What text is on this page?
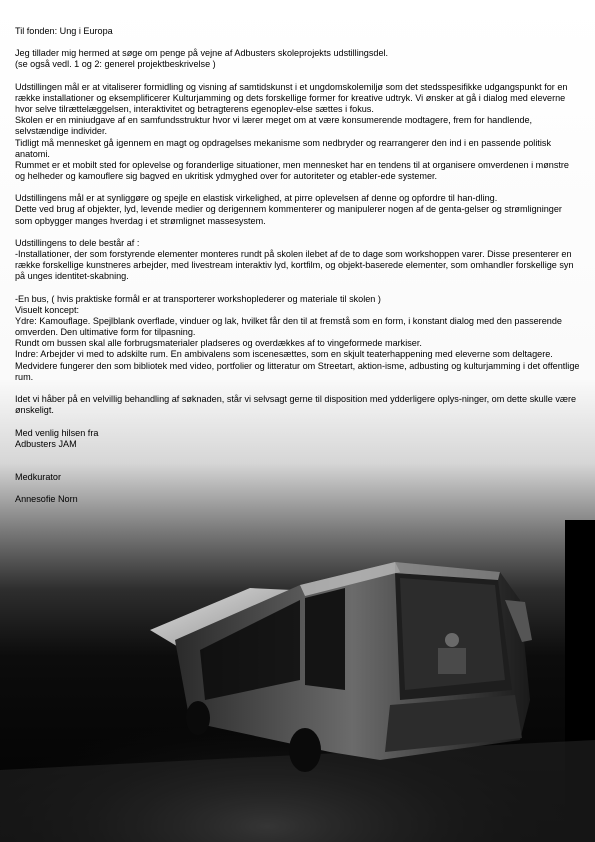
Til fonden: Ung i Europa

Jeg tillader mig hermed at søge om penge på vejne af Adbusters skoleprojekts udstillingsdel.
(se også vedl. 1 og 2: generel projektbeskrivelse )

Udstillingen mål er at vitaliserer formidling og visning af samtidskunst i et ungdomskolemiljø som det stedsspesifikke udgangspunkt for en række installationer og eksemplificerer Kulturjamming og dets forskellige former for kreative udtryk. Vi ønsker at gå i dialog med eleverne hvor selve tilrættelæggelsen, interaktivitet og betragterens egenoplev-else sættes i fokus.
Skolen er en miniudgave af en samfundsstruktur hvor vi lærer meget om at være konsumerende modtagere, frem for handlende, selvstændige individer.
Tidligt må mennesket gå igennem en magt og opdragelses mekanisme som nedbryder og rearrangerer den ind i en passende politisk anatomi.
Rummet er et mobilt sted for oplevelse og foranderlige situationer, men mennesket har en tendens til at organisere omverdenen i mønstre og helheder og kamouflere sig bagved en ukritisk ydmyghed over for autoriteter og etabler-ede systemer.

Udstillingens mål er at synliggøre og spejle en elastisk virkelighed, at pirre oplevelsen af denne og opfordre til han-dling.
Dette ved brug af objekter, lyd, levende medier og derigennem kommenterer og manipulerer nogen af de genta-gelser og strømligninger som opbygger manges hverdag i et strømlignet massesystem.

Udstillingens to dele består af :
-Installationer, der som forstyrende elementer monteres rundt på skolen ilebet af de to dage som workshoppen varer. Disse presenterer en række forskellige kunstneres arbejder, med livestream interaktiv lyd, kortfilm, og objekt-baserede elementer, som omhandler forskellige syn på unges identitet-skabning.

-En bus, ( hvis praktiske formål er at transporterer workshoplederer og materiale til skolen )
Visuelt koncept:
Ydre: Kamouflage. Spejlblank overflade, vinduer og lak, hvilket får den til at fremstå som en form, i konstant dialog med den passerende omverden. Den ultimative form for tilpasning.
Rundt om bussen skal alle forbrugsmaterialer pladseres og overdækkes af to vingeformede markiser.
Indre: Arbejder vi med to adskilte rum. En ambivalens som iscenesættes, som en skjult teaterhappening med eleverne som deltagere. Medvidere fungerer den som bibliotek med video, portfolier og litteratur om Streetart, aktion-isme, adbusting og kulturjamming i det offentlige rum.

Idet vi håber på en velvillig behandling af søknaden, står vi selvsagt gerne til disposition med ydderligere oplys-ninger, om dette skulle være ønskeligt.

Med venlig hilsen fra
Adbusters JAM

Medkurator

Annesofie Norn
